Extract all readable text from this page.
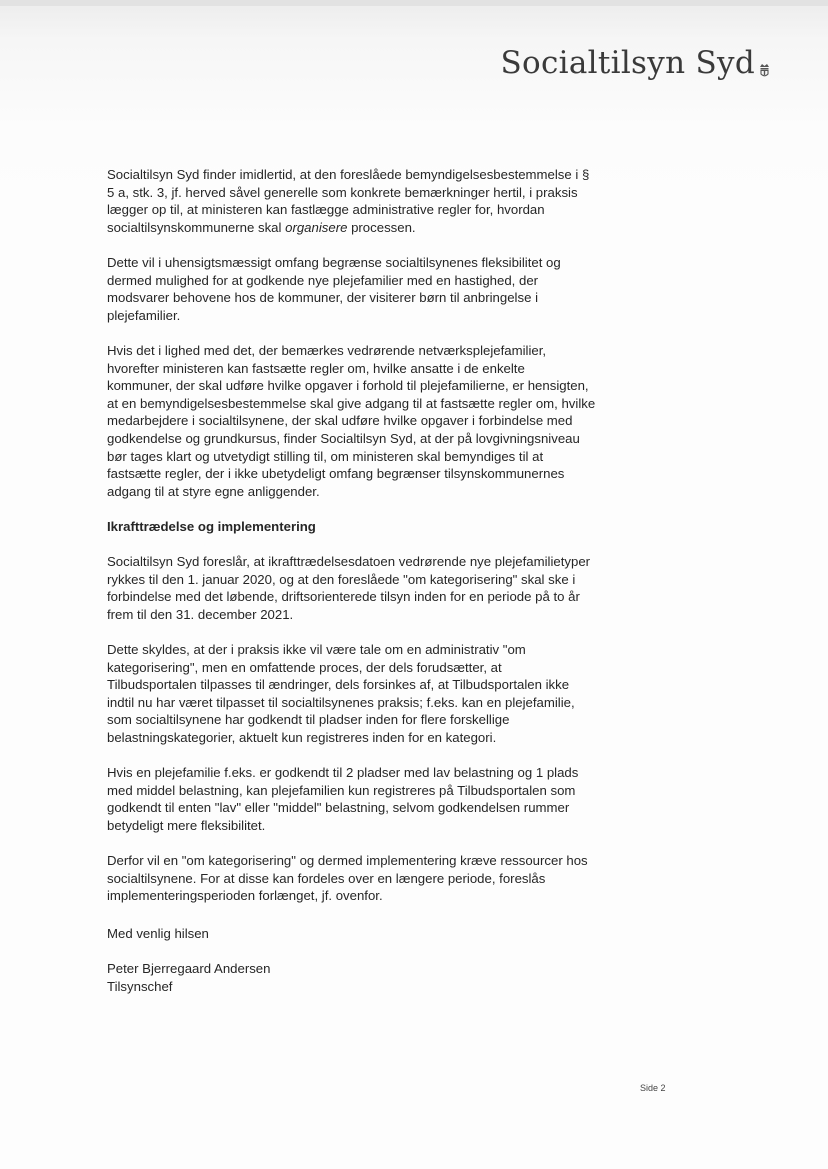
Socialtilsyn Syd

Socialtilsyn Syd finder imidlertid, at den foreslåede bemyndigelsesbestemmelse i §
5 a, stk. 3, jf. herved såvel generelle som konkrete bemærkninger hertil, i praksis
lægger op til, at ministeren kan fastlægge administrative regler for, hvordan
socialtilsynskommunerne skal organisere processen.

Dette vil i uhensigtsmæssigt omfang begrænse socialtilsynenes fleksibilitet og
dermed mulighed for at godkende nye plejefamilier med en hastighed, der
modsvarer behovene hos de kommuner, der visiterer børn til anbringelse i
plejefamilier.

Hvis det i lighed med det, der bemærkes vedrørende netværksplejefamilier,
hvorefter ministeren kan fastsætte regler om, hvilke ansatte i de enkelte
kommuner, der skal udføre hvilke opgaver i forhold til plejefamilierne, er hensigten,
at en bemyndigelsesbestemmelse skal give adgang til at fastsætte regler om, hvilke
medarbejdere i socialtilsynene, der skal udføre hvilke opgaver i forbindelse med
godkendelse og grundkursus, finder Socialtilsyn Syd, at der på lovgivningsniveau
bør tages klart og utvetydigt stilling til, om ministeren skal bemyndiges til at
fastsætte regler, der i ikke ubetydeligt omfang begrænser tilsynskommunernes
adgang til at styre egne anliggender.

Ikrafttrædelse og implementering

Socialtilsyn Syd foreslår, at ikrafttrædelsesdatoen vedrørende nye plejefamilietyper
rykkes til den 1. januar 2020, og at den foreslåede "om kategorisering" skal ske i
forbindelse med det løbende, driftsorienterede tilsyn inden for en periode på to år
frem til den 31. december 2021.

Dette skyldes, at der i praksis ikke vil være tale om en administrativ "om
kategorisering", men en omfattende proces, der dels forudsætter, at
Tilbudsportalen tilpasses til ændringer, dels forsinkes af, at Tilbudsportalen ikke
indtil nu har været tilpasset til socialtilsynenes praksis; f.eks. kan en plejefamilie,
som socialtilsynene har godkendt til pladser inden for flere forskellige
belastningskategorier, aktuelt kun registreres inden for en kategori.

Hvis en plejefamilie f.eks. er godkendt til 2 pladser med lav belastning og 1 plads
med middel belastning, kan plejefamilien kun registreres på Tilbudsportalen som
godkendt til enten "lav" eller "middel" belastning, selvom godkendelsen rummer
betydeligt mere fleksibilitet.

Derfor vil en "om kategorisering" og dermed implementering kræve ressourcer hos
socialtilsynene. For at disse kan fordeles over en længere periode, foreslås
implementeringsperioden forlænget, jf. ovenfor.

Med venlig hilsen

Peter Bjerregaard Andersen
Tilsynschef

Side 2
